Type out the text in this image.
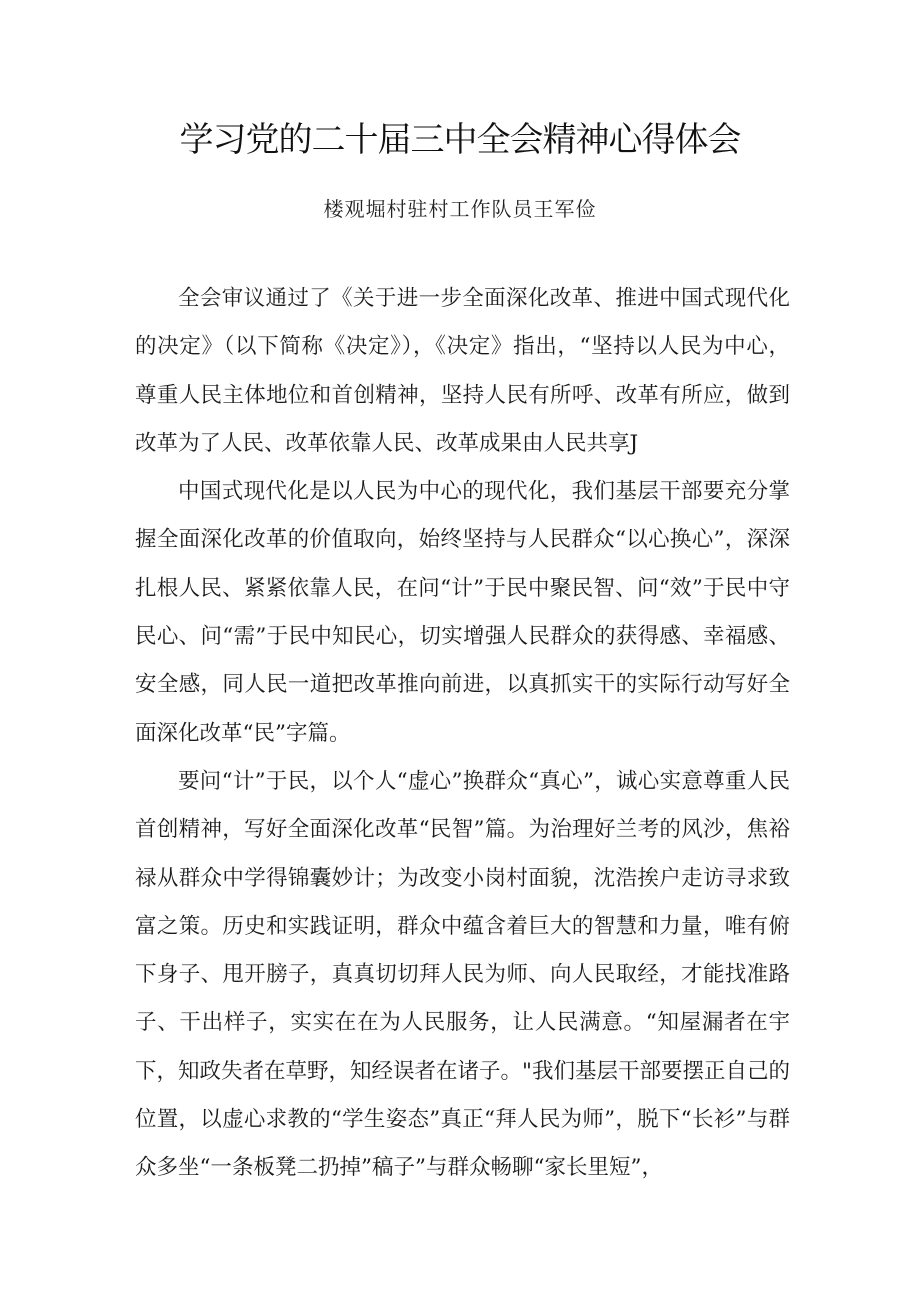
学习党的二十届三中全会精神心得体会
楼观堀村驻村工作队员王军俭

全会审议通过了《关于进一步全面深化改革、推进中国式现代化的决定》（以下简称《决定》），《决定》指出，“坚持以人民为中心，尊重人民主体地位和首创精神，坚持人民有所呼、改革有所应，做到改革为了人民、改革依靠人民、改革成果由人民共享J

中国式现代化是以人民为中心的现代化，我们基层干部要充分掌握全面深化改革的价值取向，始终坚持与人民群众“以心换心”，深深扎根人民、紧紧依靠人民，在问“计”于民中聚民智、问“效”于民中守民心、问“需”于民中知民心，切实增强人民群众的获得感、幸福感、安全感，同人民一道把改革推向前进，以真抓实干的实际行动写好全面深化改革“民”字篇。

要问“计”于民，以个人“虚心”换群众“真心”，诚心实意尊重人民首创精神，写好全面深化改革“民智”篇。为治理好兰考的风沙，焦裕禄从群众中学得锦囊妙计；为改变小岗村面貌，沈浩挨户走访寻求致富之策。历史和实践证明，群众中蕴含着巨大的智慧和力量，唯有俯下身子、甩开膀子，真真切切拜人民为师、向人民取经，才能找准路子、干出样子，实实在在为人民服务，让人民满意。“知屋漏者在宇下，知政失者在草野，知经误者在诸子。"我们基层干部要摆正自己的位置，以虚心求教的“学生姿态”真正“拜人民为师”，脱下“长衫”与群众多坐“一条板凳二扔掉”稿子”与群众畅聊“家长里短”，
